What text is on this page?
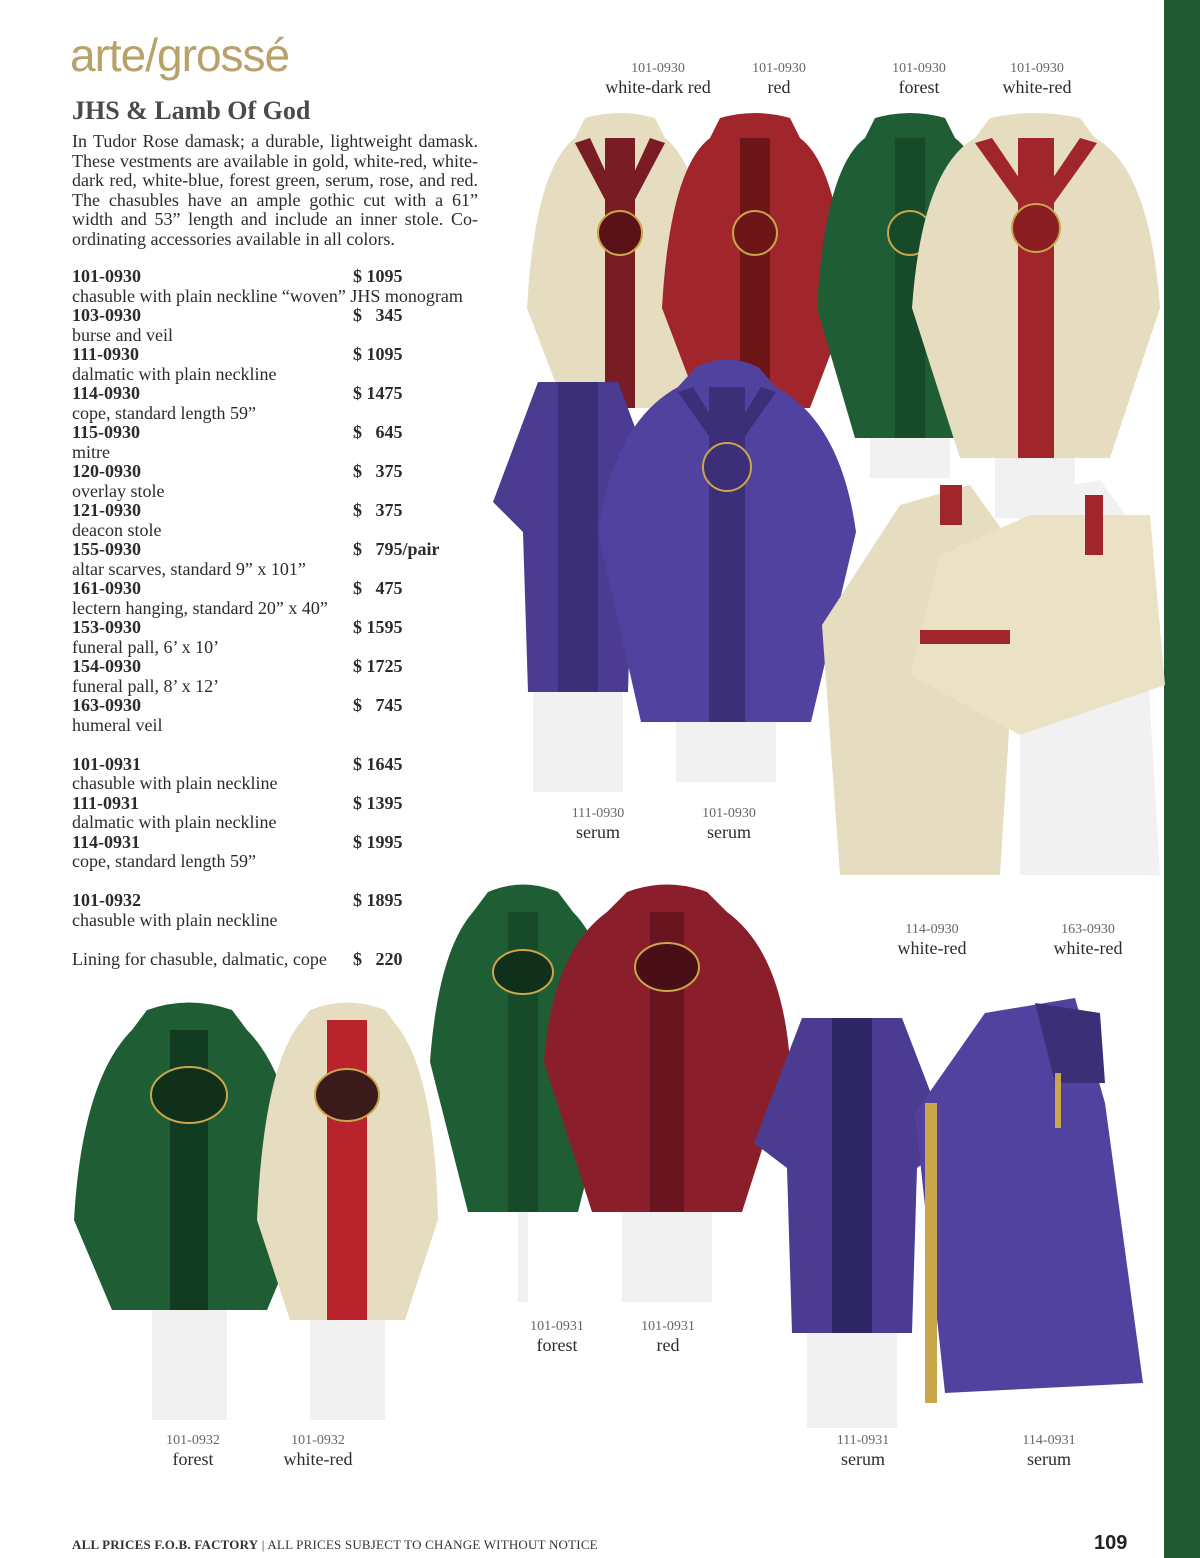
arte/grossé
JHS & Lamb Of God
In Tudor Rose damask; a durable, lightweight damask. These vestments are available in gold, white-red, white-dark red, white-blue, forest green, serum, rose, and red. The chasubles have an ample gothic cut with a 61” width and 53” length and include an inner stole. Co-ordinating accessories available in all colors.
101-0930	$ 1095
chasuble with plain neckline “woven” JHS monogram
103-0930	$   345
burse and veil
111-0930	$ 1095
dalmatic with plain neckline
114-0930	$ 1475
cope, standard length 59”
115-0930	$   645
mitre
120-0930	$   375
overlay stole
121-0930	$   375
deacon stole
155-0930	$   795/pair
altar scarves, standard 9” x 101”
161-0930	$   475
lectern hanging, standard 20” x 40”
153-0930	$ 1595
funeral pall, 6’ x 10’
154-0930	$ 1725
funeral pall, 8’ x 12’
163-0930	$   745
humeral veil
101-0931	$ 1645
chasuble with plain neckline
111-0931	$ 1395
dalmatic with plain neckline
114-0931	$ 1995
cope, standard length 59”
101-0932	$ 1895
chasuble with plain neckline
Lining for chasuble, dalmatic, cope $   220
101-0930
white-dark red
101-0930
red
101-0930
forest
101-0930
white-red
111-0930
serum
101-0930
serum
114-0930
white-red
163-0930
white-red
101-0931
forest
101-0931
red
101-0932
forest
101-0932
white-red
111-0931
serum
114-0931
serum
ALL PRICES F.O.B. FACTORY | ALL PRICES SUBJECT TO CHANGE WITHOUT NOTICE	109
